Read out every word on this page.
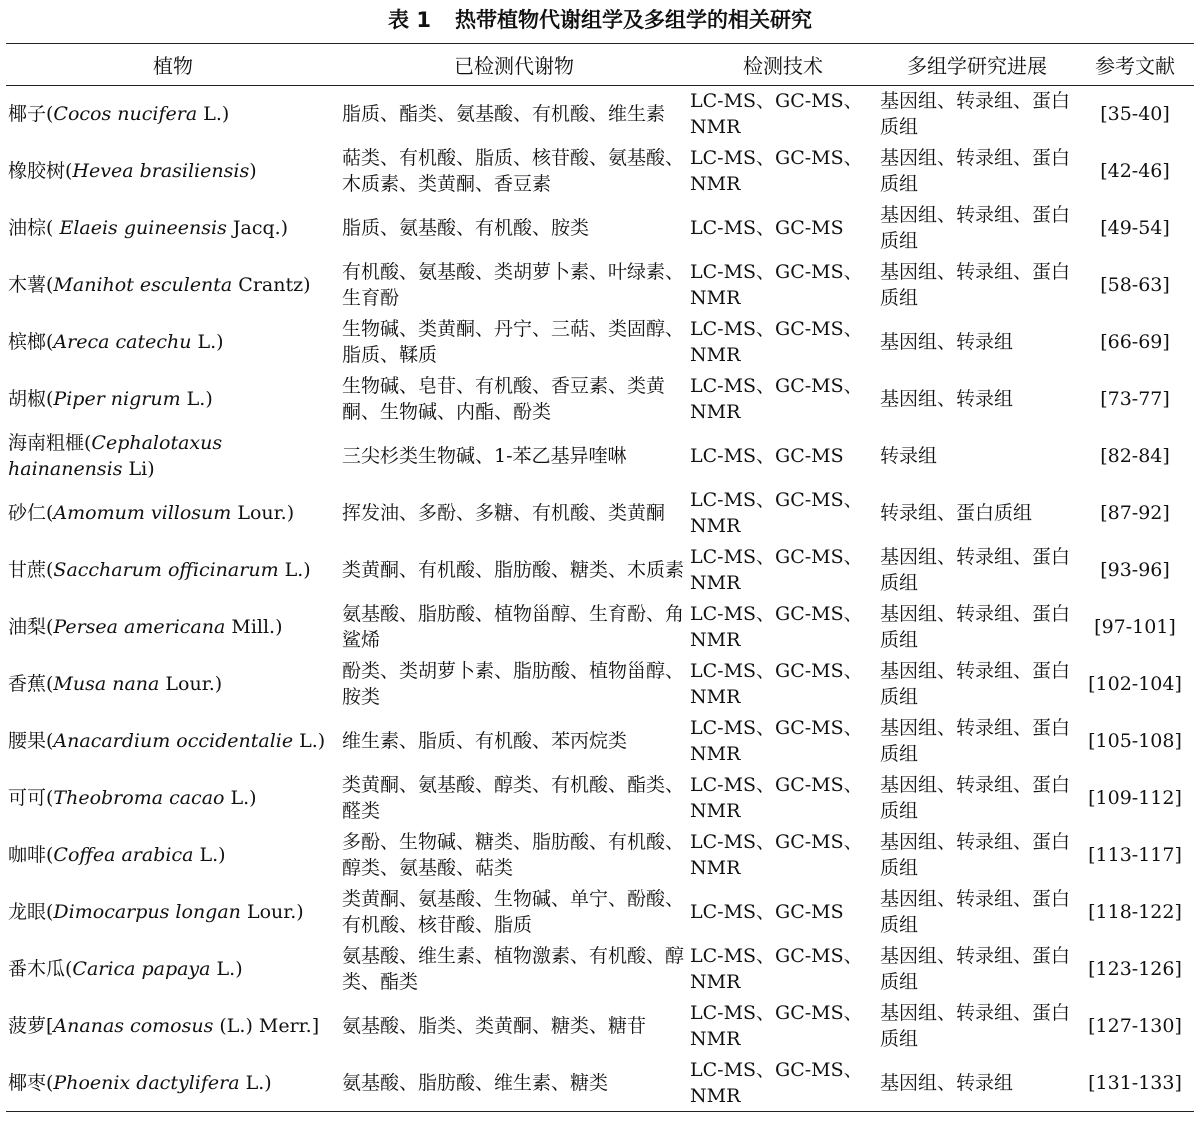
表 1 热带植物代谢组学及多组学的相关研究
植物	已检测代谢物	检测技术	多组学研究进展	参考文献
椰子(Cocos nucifera L.)	脂质、酯类、氨基酸、有机酸、维生素	LC-MS、GC-MS、NMR	基因组、转录组、蛋白质组	[35-40]
橡胶树(Hevea brasiliensis)	萜类、有机酸、脂质、核苷酸、氨基酸、木质素、类黄酮、香豆素	LC-MS、GC-MS、NMR	基因组、转录组、蛋白质组	[42-46]
油棕( Elaeis guineensis Jacq.)	脂质、氨基酸、有机酸、胺类	LC-MS、GC-MS	基因组、转录组、蛋白质组	[49-54]
木薯(Manihot esculenta Crantz)	有机酸、氨基酸、类胡萝卜素、叶绿素、生育酚	LC-MS、GC-MS、NMR	基因组、转录组、蛋白质组	[58-63]
槟榔(Areca catechu L.)	生物碱、类黄酮、丹宁、三萜、类固醇、脂质、鞣质	LC-MS、GC-MS、NMR	基因组、转录组	[66-69]
胡椒(Piper nigrum L.)	生物碱、皂苷、有机酸、香豆素、类黄酮、生物碱、内酯、酚类	LC-MS、GC-MS、NMR	基因组、转录组	[73-77]
海南粗榧(Cephalotaxus hainanensis Li)	三尖杉类生物碱、1-苯乙基异喹啉	LC-MS、GC-MS	转录组	[82-84]
砂仁(Amomum villosum Lour.)	挥发油、多酚、多糖、有机酸、类黄酮	LC-MS、GC-MS、NMR	转录组、蛋白质组	[87-92]
甘蔗(Saccharum officinarum L.)	类黄酮、有机酸、脂肪酸、糖类、木质素	LC-MS、GC-MS、NMR	基因组、转录组、蛋白质组	[93-96]
油梨(Persea americana Mill.)	氨基酸、脂肪酸、植物甾醇、生育酚、角鲨烯	LC-MS、GC-MS、NMR	基因组、转录组、蛋白质组	[97-101]
香蕉(Musa nana Lour.)	酚类、类胡萝卜素、脂肪酸、植物甾醇、胺类	LC-MS、GC-MS、NMR	基因组、转录组、蛋白质组	[102-104]
腰果(Anacardium occidentalie L.)	维生素、脂质、有机酸、苯丙烷类	LC-MS、GC-MS、NMR	基因组、转录组、蛋白质组	[105-108]
可可(Theobroma cacao L.)	类黄酮、氨基酸、醇类、有机酸、酯类、醛类	LC-MS、GC-MS、NMR	基因组、转录组、蛋白质组	[109-112]
咖啡(Coffea arabica L.)	多酚、生物碱、糖类、脂肪酸、有机酸、醇类、氨基酸、萜类	LC-MS、GC-MS、NMR	基因组、转录组、蛋白质组	[113-117]
龙眼(Dimocarpus longan Lour.)	类黄酮、氨基酸、生物碱、单宁、酚酸、有机酸、核苷酸、脂质	LC-MS、GC-MS	基因组、转录组、蛋白质组	[118-122]
番木瓜(Carica papaya L.)	氨基酸、维生素、植物激素、有机酸、醇类、酯类	LC-MS、GC-MS、NMR	基因组、转录组、蛋白质组	[123-126]
菠萝[Ananas comosus (L.) Merr.]	氨基酸、脂类、类黄酮、糖类、糖苷	LC-MS、GC-MS、NMR	基因组、转录组、蛋白质组	[127-130]
椰枣(Phoenix dactylifera L.)	氨基酸、脂肪酸、维生素、糖类	LC-MS、GC-MS、NMR	基因组、转录组	[131-133]
